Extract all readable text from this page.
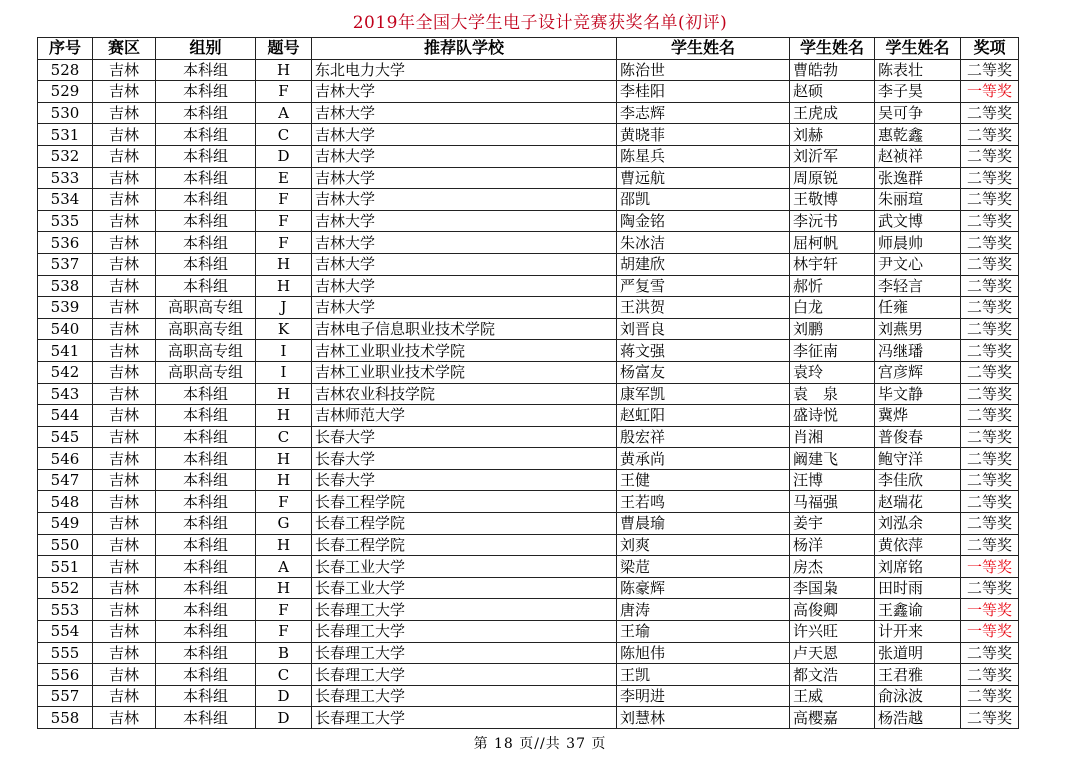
2019年全国大学生电子设计竞赛获奖名单(初评)
序号	赛区	组别	题号	推荐队学校	学生姓名	学生姓名	学生姓名	奖项
528	吉林	本科组	H	东北电力大学	陈治世	曹皓勃	陈表壮	二等奖
529	吉林	本科组	F	吉林大学	李桂阳	赵硕	李子昊	一等奖
530	吉林	本科组	A	吉林大学	李志辉	王虎成	吴可争	二等奖
531	吉林	本科组	C	吉林大学	黄晓菲	刘赫	惠乾鑫	二等奖
532	吉林	本科组	D	吉林大学	陈星兵	刘沂军	赵祯祥	二等奖
533	吉林	本科组	E	吉林大学	曹远航	周原锐	张逸群	二等奖
534	吉林	本科组	F	吉林大学	邵凯	王敬博	朱丽瑄	二等奖
535	吉林	本科组	F	吉林大学	陶金铭	李沅书	武文博	二等奖
536	吉林	本科组	F	吉林大学	朱冰洁	屈柯帆	师晨帅	二等奖
537	吉林	本科组	H	吉林大学	胡建欣	林宇轩	尹文心	二等奖
538	吉林	本科组	H	吉林大学	严复雪	郝忻	李轻言	二等奖
539	吉林	高职高专组	J	吉林大学	王洪贺	白龙	任雍	二等奖
540	吉林	高职高专组	K	吉林电子信息职业技术学院	刘晋良	刘鹏	刘燕男	二等奖
541	吉林	高职高专组	I	吉林工业职业技术学院	蒋文强	李征南	冯继璠	二等奖
542	吉林	高职高专组	I	吉林工业职业技术学院	杨富友	袁玲	宫彦辉	二等奖
543	吉林	本科组	H	吉林农业科技学院	康军凯	袁　泉	毕文静	二等奖
544	吉林	本科组	H	吉林师范大学	赵虹阳	盛诗悦	冀烨	二等奖
545	吉林	本科组	C	长春大学	殷宏祥	肖湘	普俊春	二等奖
546	吉林	本科组	H	长春大学	黄承尚	阚建飞	鲍守洋	二等奖
547	吉林	本科组	H	长春大学	王健	汪博	李佳欣	二等奖
548	吉林	本科组	F	长春工程学院	王若鸣	马福强	赵瑞花	二等奖
549	吉林	本科组	G	长春工程学院	曹晨瑜	姜宇	刘泓余	二等奖
550	吉林	本科组	H	长春工程学院	刘爽	杨洋	黄依萍	二等奖
551	吉林	本科组	A	长春工业大学	梁苊	房杰	刘席铭	一等奖
552	吉林	本科组	H	长春工业大学	陈豪辉	李国枭	田时雨	二等奖
553	吉林	本科组	F	长春理工大学	唐涛	高俊卿	王鑫谕	一等奖
554	吉林	本科组	F	长春理工大学	王瑜	许兴旺	计开来	一等奖
555	吉林	本科组	B	长春理工大学	陈旭伟	卢天恩	张道明	二等奖
556	吉林	本科组	C	长春理工大学	王凯	都文浩	王君雅	二等奖
557	吉林	本科组	D	长春理工大学	李明进	王威	俞泳波	二等奖
558	吉林	本科组	D	长春理工大学	刘慧林	高樱嘉	杨浩越	二等奖
第 18 页//共 37 页
